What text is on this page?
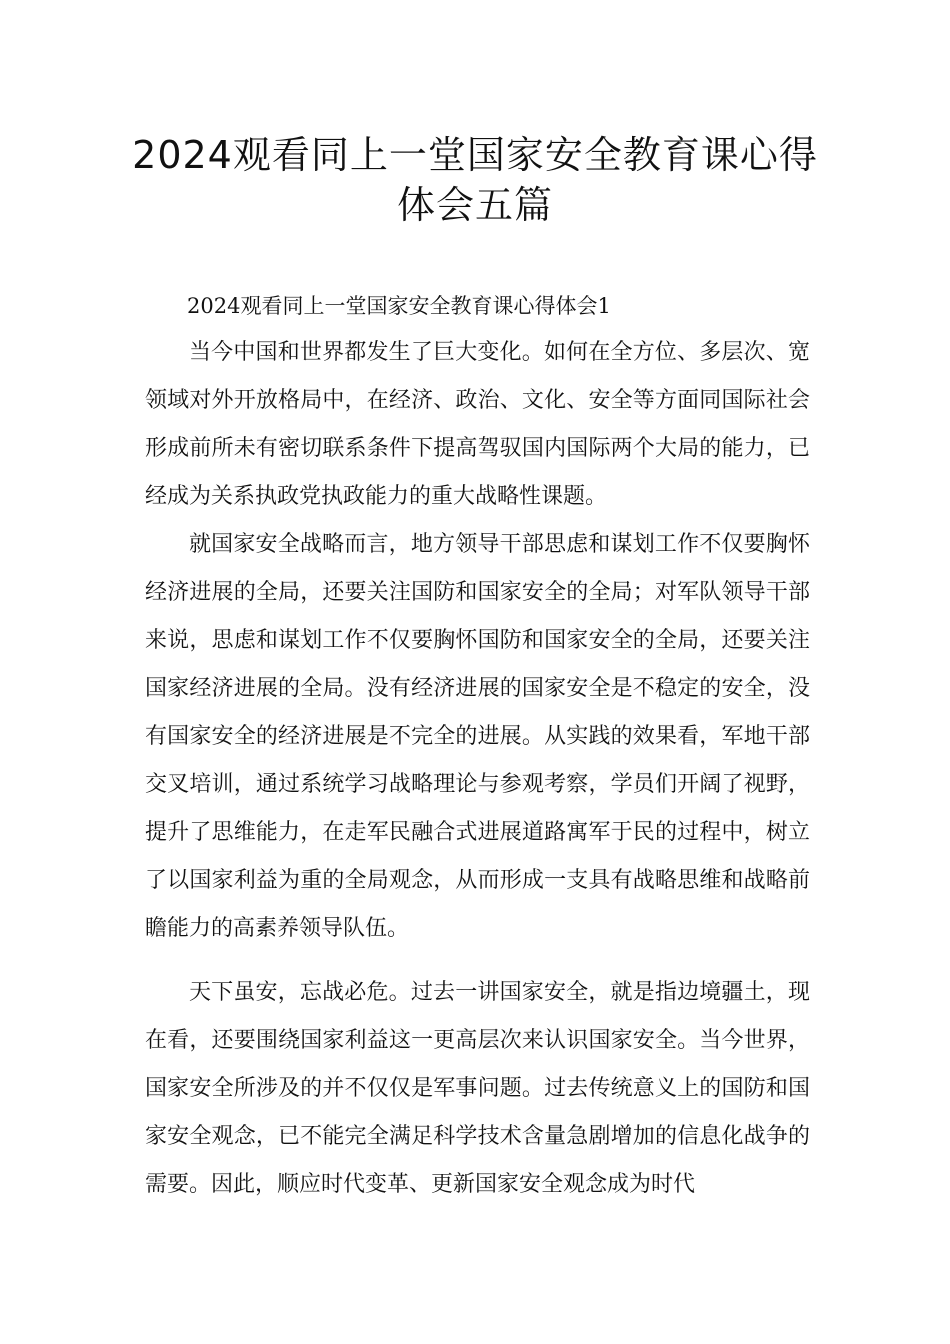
2024观看同上一堂国家安全教育课心得
体会五篇

2024观看同上一堂国家安全教育课心得体会1

当今中国和世界都发生了巨大变化。如何在全方位、多层次、宽领域对外开放格局中，在经济、政治、文化、安全等方面同国际社会形成前所未有密切联系条件下提高驾驭国内国际两个大局的能力，已经成为关系执政党执政能力的重大战略性课题。

就国家安全战略而言，地方领导干部思虑和谋划工作不仅要胸怀经济进展的全局，还要关注国防和国家安全的全局；对军队领导干部来说，思虑和谋划工作不仅要胸怀国防和国家安全的全局，还要关注国家经济进展的全局。没有经济进展的国家安全是不稳定的安全，没有国家安全的经济进展是不完全的进展。从实践的效果看，军地干部交叉培训，通过系统学习战略理论与参观考察，学员们开阔了视野，提升了思维能力，在走军民融合式进展道路寓军于民的过程中，树立了以国家利益为重的全局观念，从而形成一支具有战略思维和战略前瞻能力的高素养领导队伍。

天下虽安，忘战必危。过去一讲国家安全，就是指边境疆土，现在看，还要围绕国家利益这一更高层次来认识国家安全。当今世界，国家安全所涉及的并不仅仅是军事问题。过去传统意义上的国防和国家安全观念，已不能完全满足科学技术含量急剧增加的信息化战争的需要。因此，顺应时代变革、更新国家安全观念成为时代
